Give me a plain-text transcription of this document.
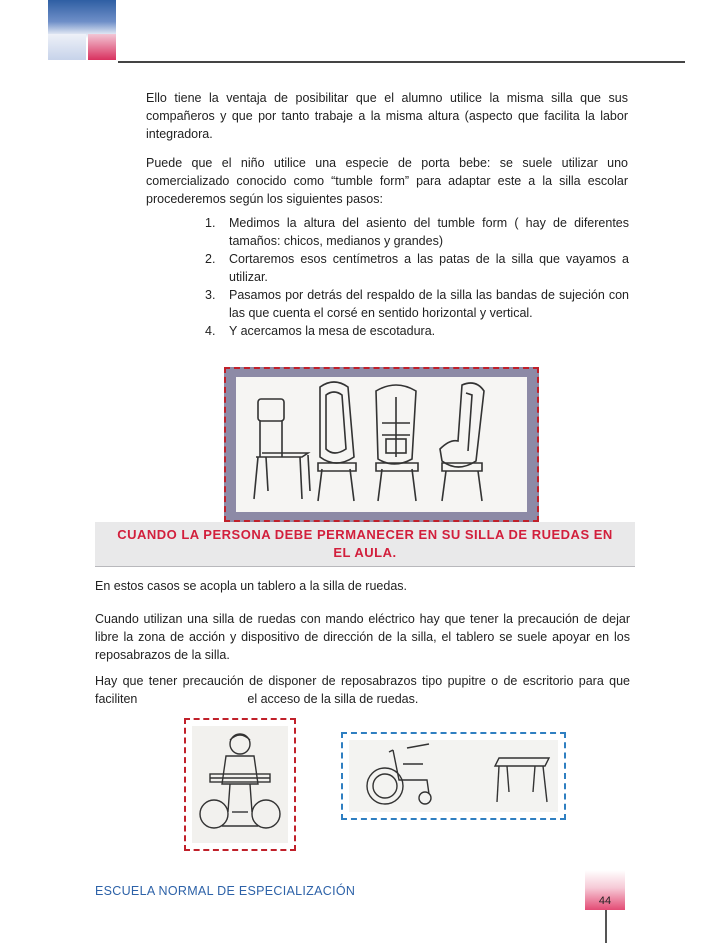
Ello tiene la ventaja de posibilitar que el alumno utilice la misma silla que sus compañeros y que por tanto trabaje a la misma altura (aspecto que facilita la labor integradora.

Puede que el niño utilice una especie de porta bebe: se suele utilizar uno comercializado conocido como “tumble form” para adaptar este a la silla escolar procederemos según los siguientes pasos:

1. Medimos la altura del asiento del tumble form ( hay de diferentes tamaños: chicos, medianos y grandes)
2. Cortaremos esos centímetros a las patas de la silla que vayamos a utilizar.
3. Pasamos por detrás del respaldo de la silla las bandas de sujeción con las que cuenta el corsé en sentido horizontal y vertical.
4. Y acercamos la mesa de escotadura.

CUANDO LA PERSONA DEBE PERMANECER EN SU SILLA DE RUEDAS EN
EL AULA.

En estos casos se acopla un tablero a la silla de ruedas.

Cuando utilizan una silla de ruedas con mando eléctrico hay que tener la precaución de dejar libre la zona de acción y dispositivo de dirección de la silla, el tablero se suele apoyar en los reposabrazos de la silla.

Hay que tener precaución de disponer de reposabrazos tipo pupitre o de escritorio para que faciliten	el acceso de la silla de ruedas.

ESCUELA NORMAL DE ESPECIALIZACIÓN

44
